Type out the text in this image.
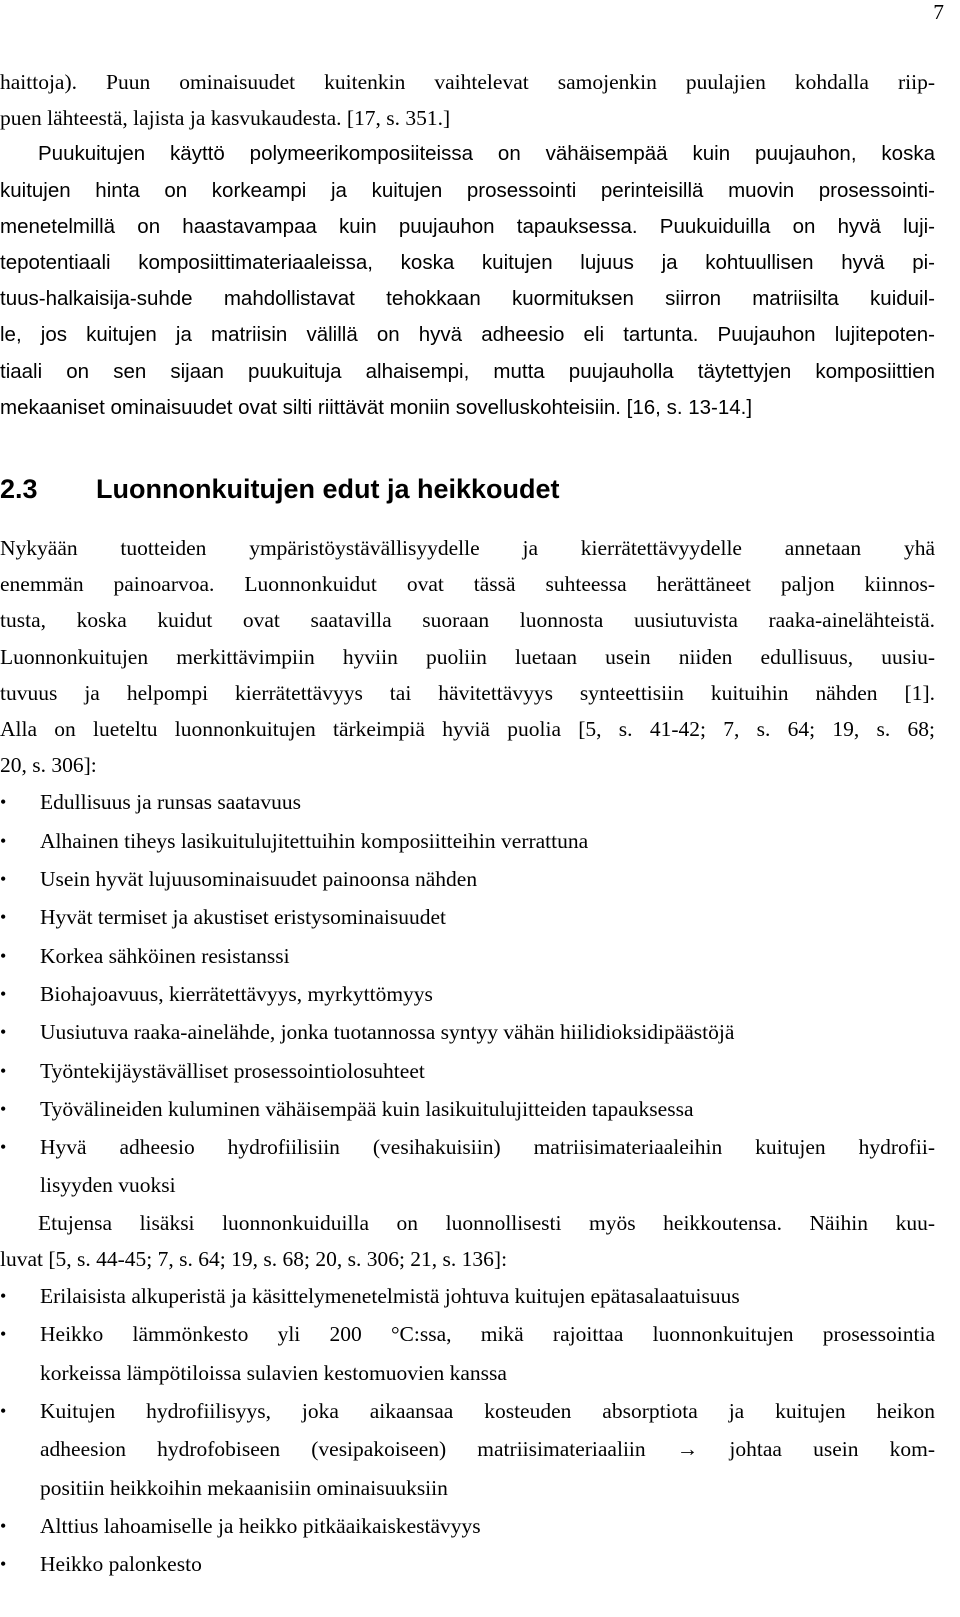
7

haittoja). Puun ominaisuudet kuitenkin vaihtelevat samojenkin puulajien kohdalla riip-
puen lähteestä, lajista ja kasvukaudesta. [17, s. 351.]

Puukuitujen käyttö polymeerikomposiiteissa on vähäisempää kuin puujauhon, koska
kuitujen hinta on korkeampi ja kuitujen prosessointi perinteisillä muovin prosessointi-
menetelmillä on haastavampaa kuin puujauhon tapauksessa. Puukuiduilla on hyvä luji-
tepotentiaali komposiittimateriaaleissa, koska kuitujen lujuus ja kohtuullisen hyvä pi-
tuus-halkaisija-suhde mahdollistavat tehokkaan kuormituksen siirron matriisilta kuiduil-
le, jos kuitujen ja matriisin välillä on hyvä adheesio eli tartunta. Puujauhon lujitepoten-
tiaali on sen sijaan puukuituja alhaisempi, mutta puujauholla täytettyjen komposiittien
mekaaniset ominaisuudet ovat silti riittävät moniin sovelluskohteisiin. [16, s. 13-14.]

2.3 Luonnonkuitujen edut ja heikkoudet

Nykyään tuotteiden ympäristöystävällisyydelle ja kierrätettävyydelle annetaan yhä
enemmän painoarvoa. Luonnonkuidut ovat tässä suhteessa herättäneet paljon kiinnos-
tusta, koska kuidut ovat saatavilla suoraan luonnosta uusiutuvista raaka-ainelähteistä.
Luonnonkuitujen merkittävimpiin hyviin puoliin luetaan usein niiden edullisuus, uusiu-
tuvuus ja helpompi kierrätettävyys tai hävitettävyys synteettisiin kuituihin nähden [1].
Alla on lueteltu luonnonkuitujen tärkeimpiä hyviä puolia [5, s. 41-42; 7, s. 64; 19, s. 68;
20, s. 306]:

• Edullisuus ja runsas saatavuus
• Alhainen tiheys lasikuitulujitettuihin komposiitteihin verrattuna
• Usein hyvät lujuusominaisuudet painoonsa nähden
• Hyvät termiset ja akustiset eristysominaisuudet
• Korkea sähköinen resistanssi
• Biohajoavuus, kierrätettävyys, myrkyttömyys
• Uusiutuva raaka-ainelähde, jonka tuotannossa syntyy vähän hiilidioksidipäästöjä
• Työntekijäystävälliset prosessointiolosuhteet
• Työvälineiden kuluminen vähäisempää kuin lasikuitulujitteiden tapauksessa
• Hyvä adheesio hydrofiilisiin (vesihakuisiin) matriisimateriaaleihin kuitujen hydrofii-
lisyyden vuoksi

Etujensa lisäksi luonnonkuiduilla on luonnollisesti myös heikkoutensa. Näihin kuu-
luvat [5, s. 44-45; 7, s. 64; 19, s. 68; 20, s. 306; 21, s. 136]:

• Erilaisista alkuperistä ja käsittelymenetelmistä johtuva kuitujen epätasalaatuisuus
• Heikko lämmönkesto yli 200 °C:ssa, mikä rajoittaa luonnonkuitujen prosessointia
korkeissa lämpötiloissa sulavien kestomuovien kanssa
• Kuitujen hydrofiilisyys, joka aikaansaa kosteuden absorptiota ja kuitujen heikon
adheesion hydrofobiseen (vesipakoiseen) matriisimateriaaliin → johtaa usein kom-
positiin heikkoihin mekaanisiin ominaisuuksiin
• Alttius lahoamiselle ja heikko pitkäaikaiskestävyys
• Heikko palonkesto
